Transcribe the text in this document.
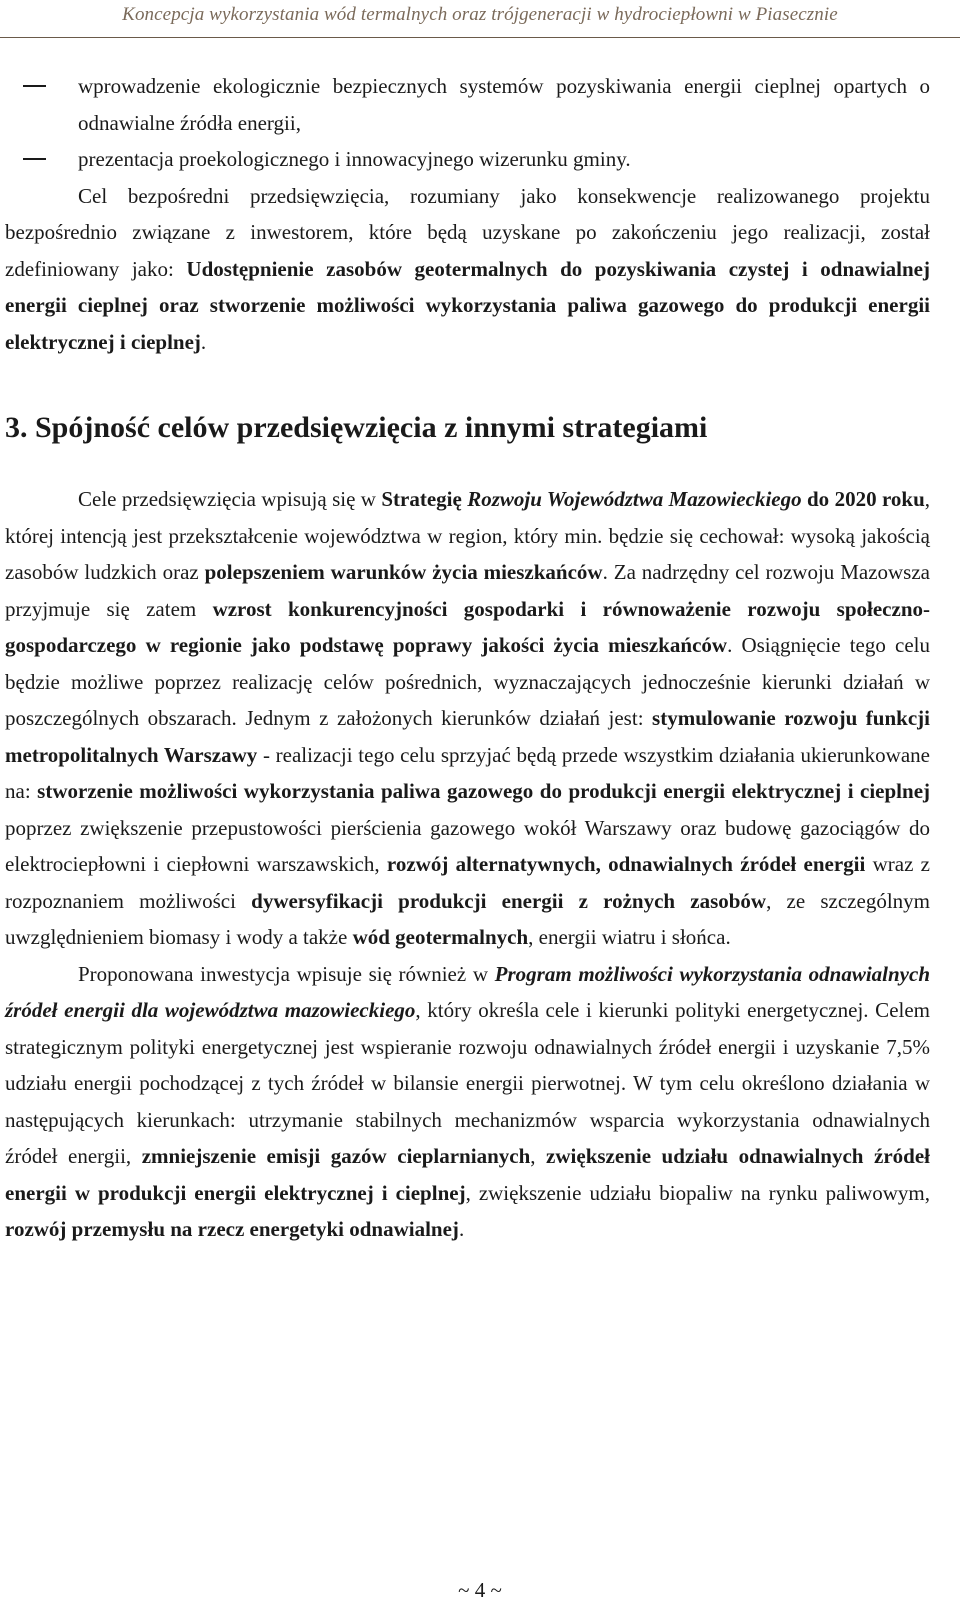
Koncepcja wykorzystania wód termalnych oraz trójgeneracji w hydrociepłowni w Piasecznie
wprowadzenie ekologicznie bezpiecznych systemów pozyskiwania energii cieplnej opartych o odnawialne źródła energii,
prezentacja proekologicznego i innowacyjnego wizerunku gminy.

Cel bezpośredni przedsięwzięcia, rozumiany jako konsekwencje realizowanego projektu bezpośrednio związane z inwestorem, które będą uzyskane po zakończeniu jego realizacji, został zdefiniowany jako: Udostępnienie zasobów geotermalnych do pozyskiwania czystej i odnawialnej energii cieplnej oraz stworzenie możliwości wykorzystania paliwa gazowego do produkcji energii elektrycznej i cieplnej.

3. Spójność celów przedsięwzięcia z innymi strategiami

Cele przedsięwzięcia wpisują się w Strategię Rozwoju Województwa Mazowieckiego do 2020 roku, której intencją jest przekształcenie województwa w region, który min. będzie się cechował: wysoką jakością zasobów ludzkich oraz polepszeniem warunków życia mieszkańców. Za nadrzędny cel rozwoju Mazowsza przyjmuje się zatem wzrost konkurencyjności gospodarki i równoważenie rozwoju społeczno-gospodarczego w regionie jako podstawę poprawy jakości życia mieszkańców. Osiągnięcie tego celu będzie możliwe poprzez realizację celów pośrednich, wyznaczających jednocześnie kierunki działań w poszczególnych obszarach. Jednym z założonych kierunków działań jest: stymulowanie rozwoju funkcji metropolitalnych Warszawy - realizacji tego celu sprzyjać będą przede wszystkim działania ukierunkowane na: stworzenie możliwości wykorzystania paliwa gazowego do produkcji energii elektrycznej i cieplnej poprzez zwiększenie przepustowości pierścienia gazowego wokół Warszawy oraz budowę gazociągów do elektrociepłowni i ciepłowni warszawskich, rozwój alternatywnych, odnawialnych źródeł energii wraz z rozpoznaniem możliwości dywersyfikacji produkcji energii z rożnych zasobów, ze szczególnym uwzględnieniem biomasy i wody a także wód geotermalnych, energii wiatru i słońca.

Proponowana inwestycja wpisuje się również w Program możliwości wykorzystania odnawialnych źródeł energii dla województwa mazowieckiego, który określa cele i kierunki polityki energetycznej. Celem strategicznym polityki energetycznej jest wspieranie rozwoju odnawialnych źródeł energii i uzyskanie 7,5% udziału energii pochodzącej z tych źródeł w bilansie energii pierwotnej. W tym celu określono działania w następujących kierunkach: utrzymanie stabilnych mechanizmów wsparcia wykorzystania odnawialnych źródeł energii, zmniejszenie emisji gazów cieplarnianych, zwiększenie udziału odnawialnych źródeł energii w produkcji energii elektrycznej i cieplnej, zwiększenie udziału biopaliw na rynku paliwowym, rozwój przemysłu na rzecz energetyki odnawialnej.

~ 4 ~
